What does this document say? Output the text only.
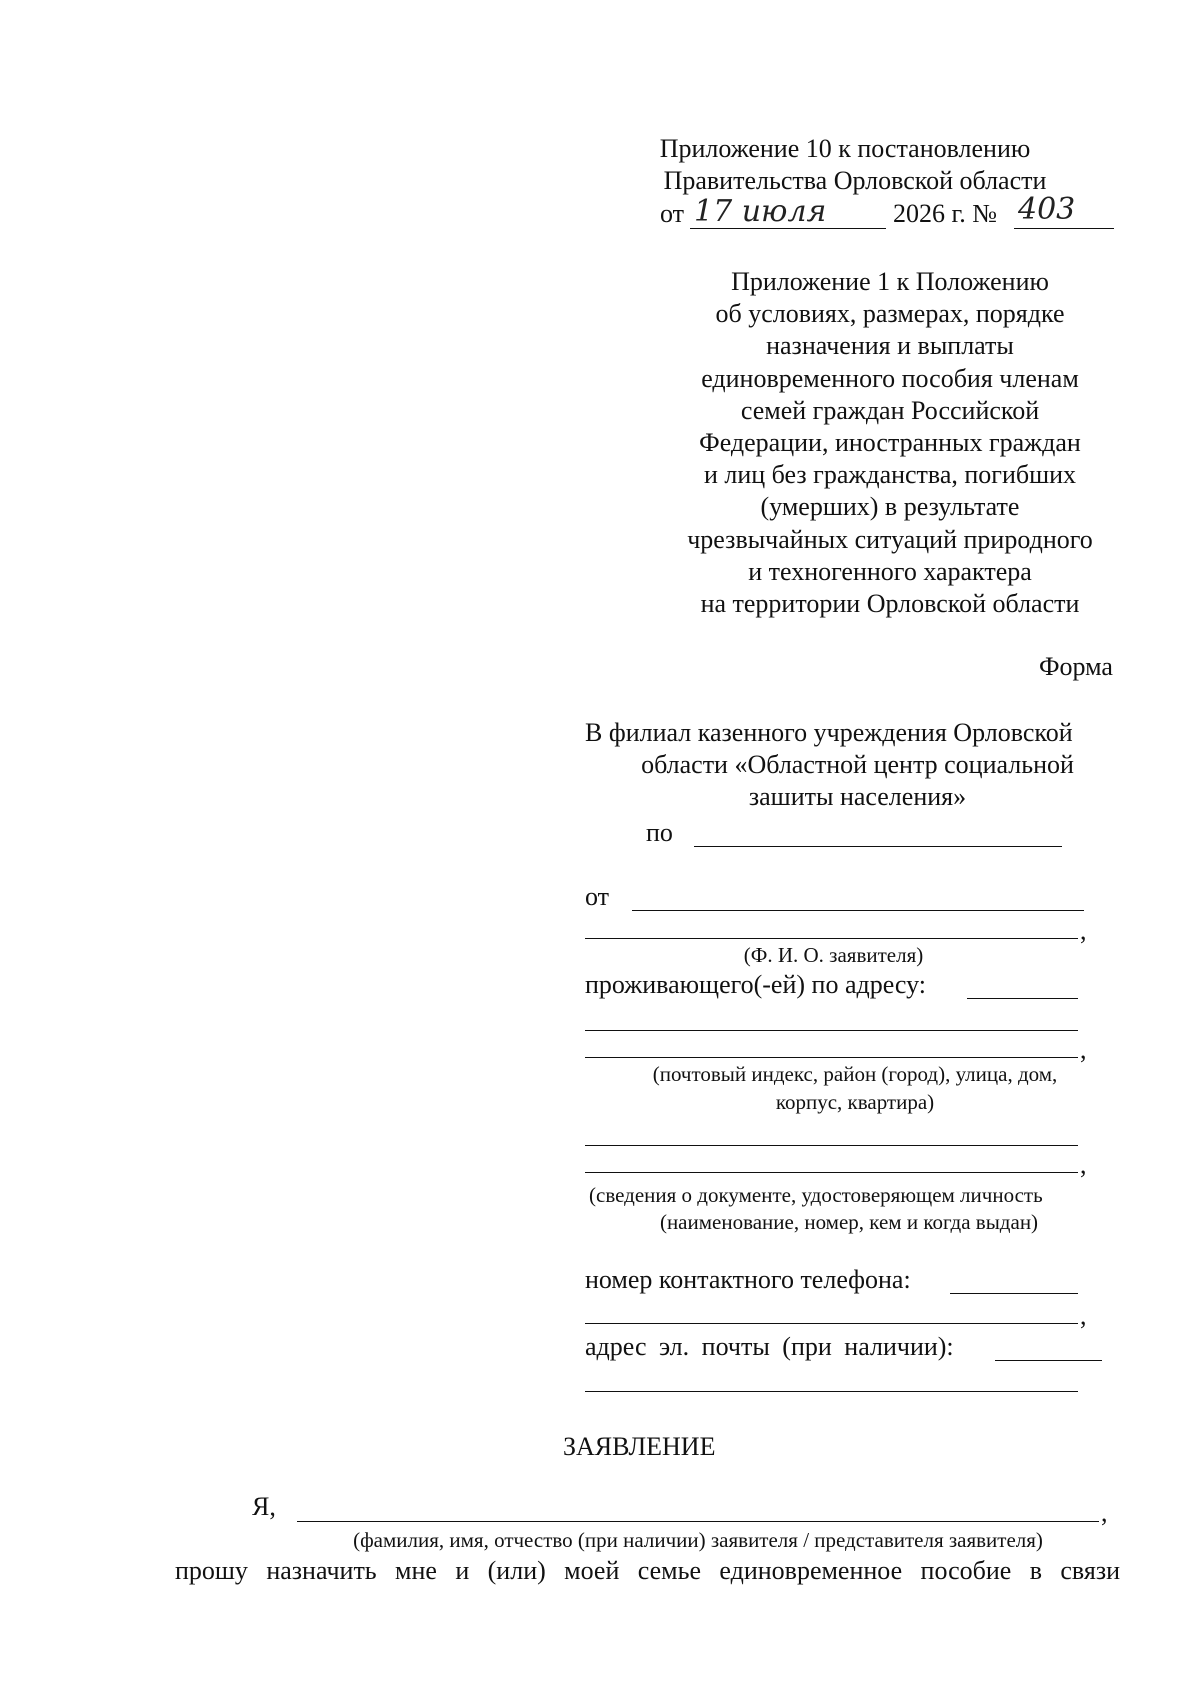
Приложение 10 к постановлению
Правительства Орловской области
от 17 июля	2026 г. № 403
Приложение 1 к Положению
об условиях, размерах, порядке
назначения и выплаты
единовременного пособия членам
семей граждан Российской
Федерации, иностранных граждан
и лиц без гражданства, погибших
(умерших) в результате
чрезвычайных ситуаций природного
и техногенного характера
на территории Орловской области
Форма
В филиал казенного учреждения Орловской
области «Областной центр социальной
зашиты населения»
по
от
,
(Ф. И. О. заявителя)
проживающего(-ей) по адресу:
,
(почтовый индекс, район (город), улица, дом,
корпус, квартира)
,
(сведения о документе, удостоверяющем личность
(наименование, номер, кем и когда выдан)
номер контактного телефона:
,
адрес эл. почты (при наличии):
ЗАЯВЛЕНИЕ
Я,	,
(фамилия, имя, отчество (при наличии) заявителя / представителя заявителя)
прошу назначить мне и (или) моей семье единовременное пособие в связи
